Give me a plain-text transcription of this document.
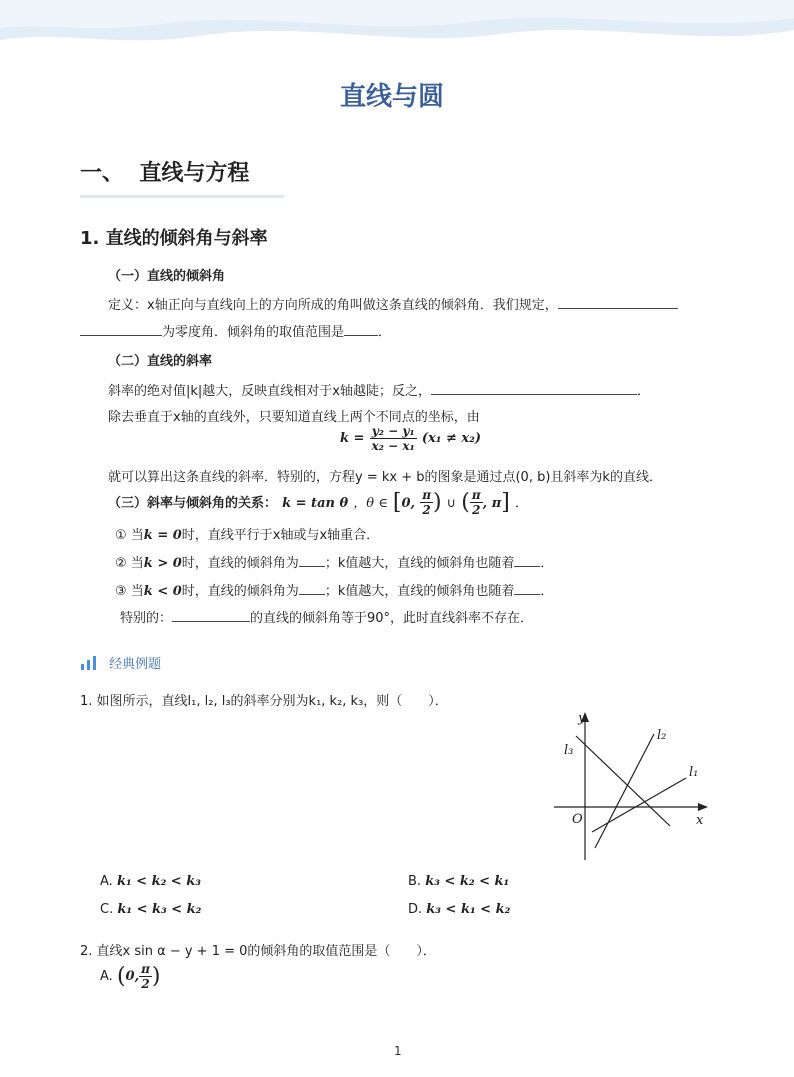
直线与圆
一、 直线与方程
1. 直线的倾斜角与斜率
（一）直线的倾斜角
定义：x轴正向与直线向上的方向所成的角叫做这条直线的倾斜角．我们规定，
为零度角．倾斜角的取值范围是	．
（二）直线的斜率
斜率的绝对值|k|越大，反映直线相对于x轴越陡；反之，	．
除去垂直于x轴的直线外，只要知道直线上两个不同点的坐标，由
$k = \frac{\text{y₂ − y₁}}{\text{x₂ − x₁}} (x_1 \ne x_2)$
就可以算出这条直线的斜率．特别的，方程y = kx + b的图象是通过点(0, b)且斜率为k的直线．
（三）斜率与倾斜角的关系： k = tan θ ，θ ∈ [0, $\frac{\pi}{2}$ ) ∪ ( $\frac{\pi}{2}$ , π] ．
① 当k = 0时，直线平行于x轴或与x轴重合．
② 当k > 0时，直线的倾斜角为 ；k值越大，直线的倾斜角也随着 ．
③ 当k < 0时，直线的倾斜角为 ；k值越大，直线的倾斜角也随着 ．
特别的：	的直线的倾斜角等于90°，此时直线斜率不存在．
经典例题
1. 如图所示，直线l₁, l₂, l₃的斜率分别为k₁, k₂, k₃，则（　　）．
y
x
O
l₁
l₂
l₃
A. k₁ < k₂ < k₃	B. k₃ < k₂ < k₁
C. k₁ < k₃ < k₂	D. k₃ < k₁ < k₂
2. 直线x sin α − y + 1 = 0的倾斜角的取值范围是（　　）．
A. (0, $\frac{\pi}{2}$ )
1
